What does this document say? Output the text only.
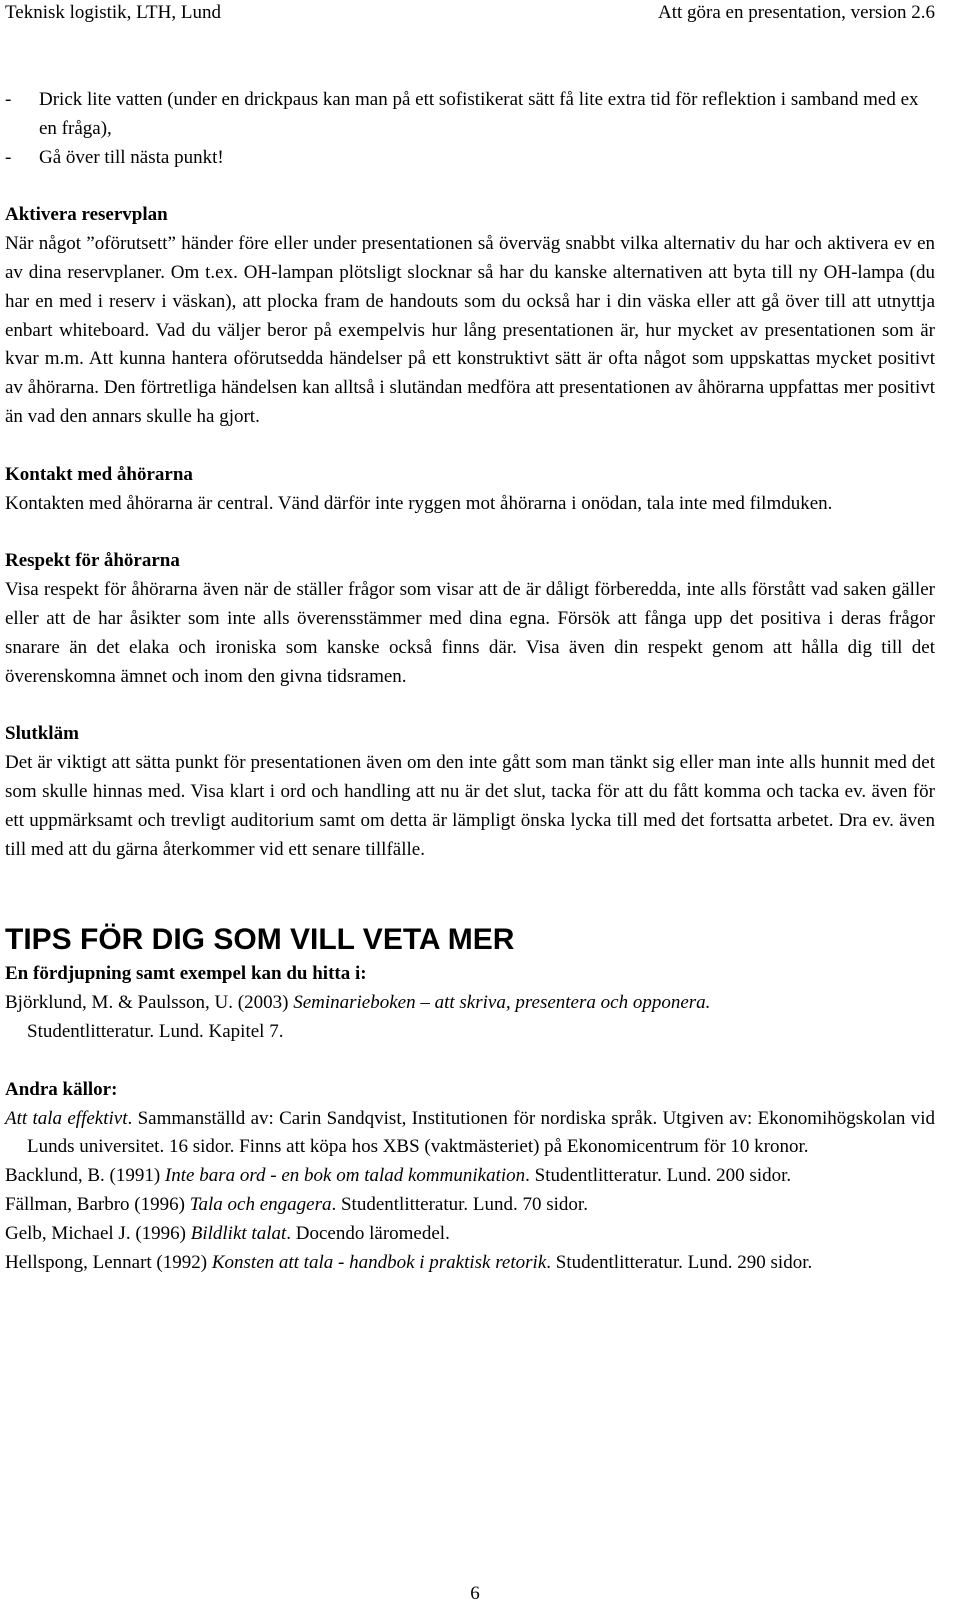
Teknisk logistik, LTH, Lund	Att göra en presentation, version 2.6
-	Drick lite vatten (under en drickpaus kan man på ett sofistikerat sätt få lite extra tid för reflektion i samband med ex en fråga),
-	Gå över till nästa punkt!
Aktivera reservplan

När något ”oförutsett” händer före eller under presentationen så överväg snabbt vilka alternativ du har och aktivera ev en av dina reservplaner. Om t.ex. OH-lampan plötsligt slocknar så har du kanske alternativen att byta till ny OH-lampa (du har en med i reserv i väskan), att plocka fram de handouts som du också har i din väska eller att gå över till att utnyttja enbart whiteboard. Vad du väljer beror på exempelvis hur lång presentationen är, hur mycket av presentationen som är kvar m.m. Att kunna hantera oförutsedda händelser på ett konstruktivt sätt är ofta något som uppskattas mycket positivt av åhörarna. Den förtretliga händelsen kan alltså i slutändan medföra att presentationen av åhörarna uppfattas mer positivt än vad den annars skulle ha gjort.

Kontakt med åhörarna

Kontakten med åhörarna är central. Vänd därför inte ryggen mot åhörarna i onödan, tala inte med filmduken.

Respekt för åhörarna

Visa respekt för åhörarna även när de ställer frågor som visar att de är dåligt förberedda, inte alls förstått vad saken gäller eller att de har åsikter som inte alls överensstämmer med dina egna. Försök att fånga upp det positiva i deras frågor snarare än det elaka och ironiska som kanske också finns där. Visa även din respekt genom att hålla dig till det överenskomna ämnet och inom den givna tidsramen.

Slutkläm

Det är viktigt att sätta punkt för presentationen även om den inte gått som man tänkt sig eller man inte alls hunnit med det som skulle hinnas med. Visa klart i ord och handling att nu är det slut, tacka för att du fått komma och tacka ev. även för ett uppmärksamt och trevligt auditorium samt om detta är lämpligt önska lycka till med det fortsatta arbetet. Dra ev. även till med att du gärna återkommer vid ett senare tillfälle.

TIPS FÖR DIG SOM VILL VETA MER
En fördjupning samt exempel kan du hitta i:
Björklund, M. & Paulsson, U. (2003) Seminarieboken – att skriva, presentera och opponera.
Studentlitteratur. Lund. Kapitel 7.
Andra källor:

Att tala effektivt. Sammanställd av: Carin Sandqvist, Institutionen för nordiska språk. Utgiven av: Ekonomihögskolan vid Lunds universitet. 16 sidor. Finns att köpa hos XBS (vaktmästeriet) på Ekonomicentrum för 10 kronor.

Backlund, B. (1991) Inte bara ord - en bok om talad kommunikation. Studentlitteratur. Lund. 200 sidor.

Fällman, Barbro (1996) Tala och engagera. Studentlitteratur. Lund. 70 sidor.

Gelb, Michael J. (1996) Bildlikt talat. Docendo läromedel.

Hellspong, Lennart (1992) Konsten att tala - handbok i praktisk retorik. Studentlitteratur. Lund. 290 sidor.

6
